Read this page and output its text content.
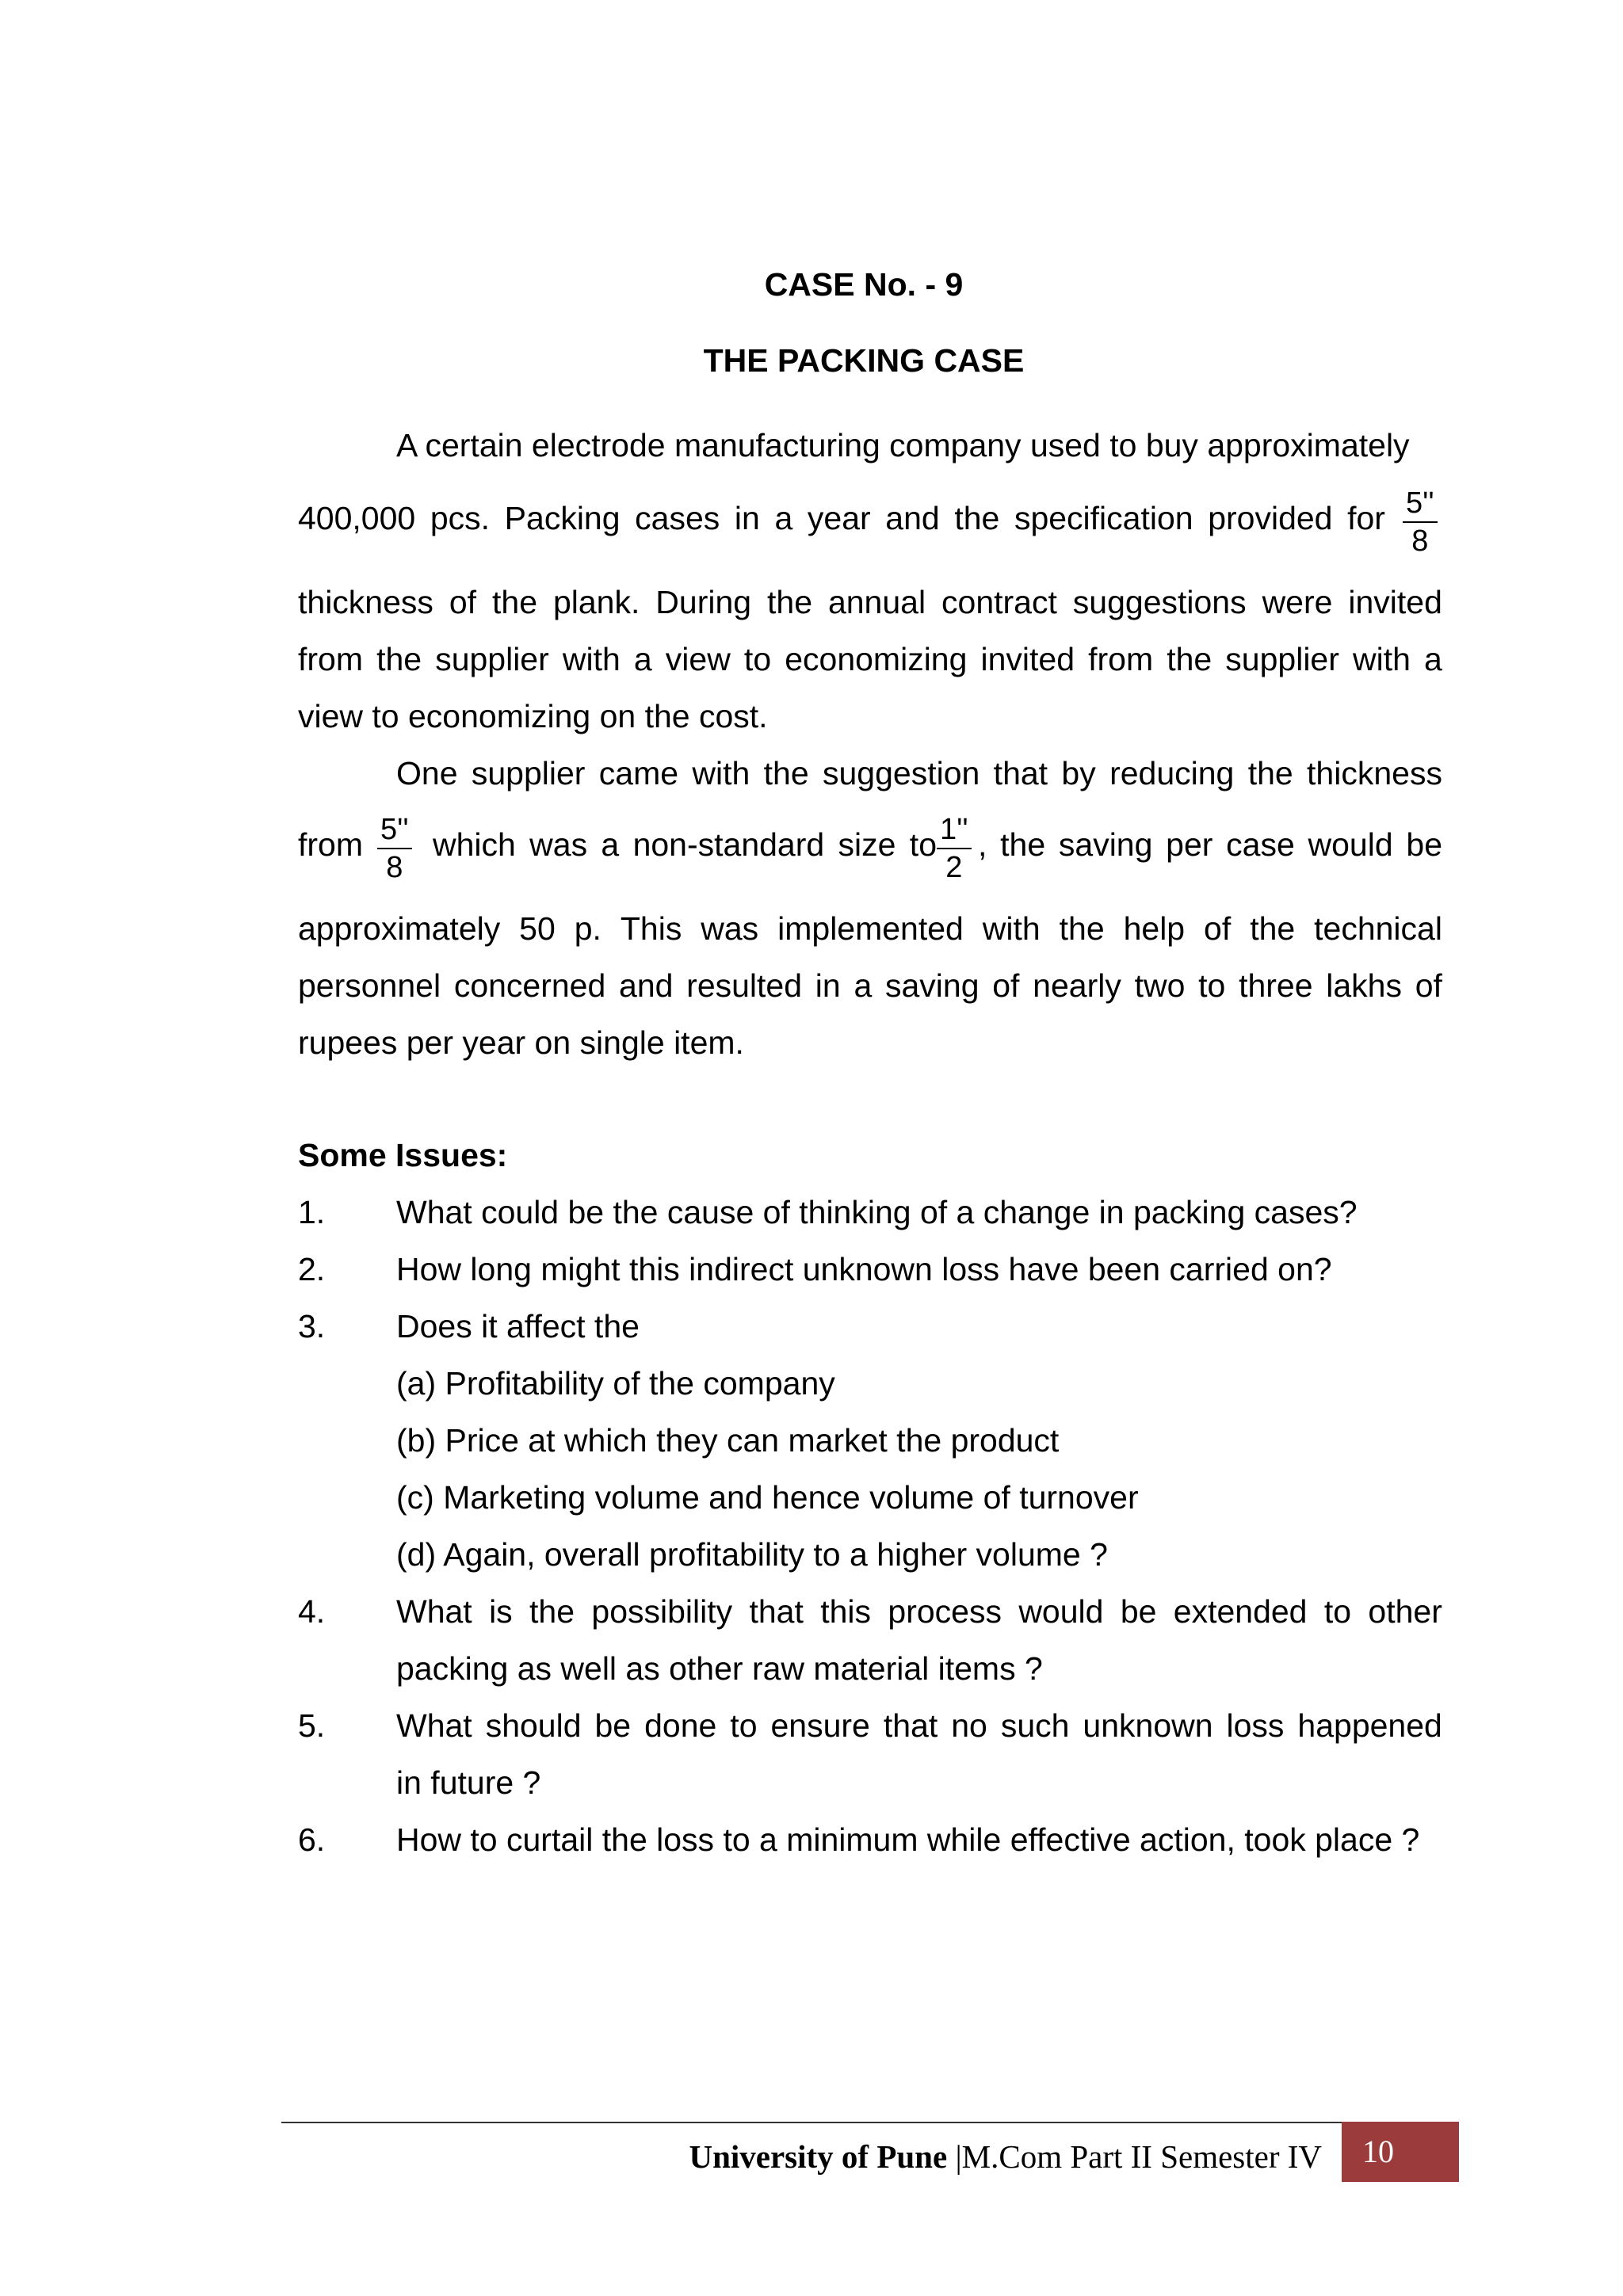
CASE No. - 9
THE PACKING CASE
A certain electrode manufacturing company used to buy approximately
400,000 pcs. Packing cases in a year and the specification provided for $\frac{5''}{8}$
thickness of the plank. During the annual contract suggestions were invited
from the supplier with a view to economizing invited from the supplier with a
view to economizing on the cost.
One supplier came with the suggestion that by reducing the thickness
from $\frac{5''}{8}$ which was a non-standard size to $\frac{1''}{2}$ , the saving per case would be
approximately 50 p. This was implemented with the help of the technical
personnel concerned and resulted in a saving of nearly two to three lakhs of
rupees per year on single item.
Some Issues:
1. What could be the cause of thinking of a change in packing cases?
2. How long might this indirect unknown loss have been carried on?
3. Does it affect the
(a) Profitability of the company
(b) Price at which they can market the product
(c) Marketing volume and hence volume of turnover
(d) Again, overall profitability to a higher volume ?
4. What is the possibility that this process would be extended to other
packing as well as other raw material items ?
5. What should be done to ensure that no such unknown loss happened
in future ?
6. How to curtail the loss to a minimum while effective action, took place ?
University of Pune |M.Com Part II Semester IV	10
